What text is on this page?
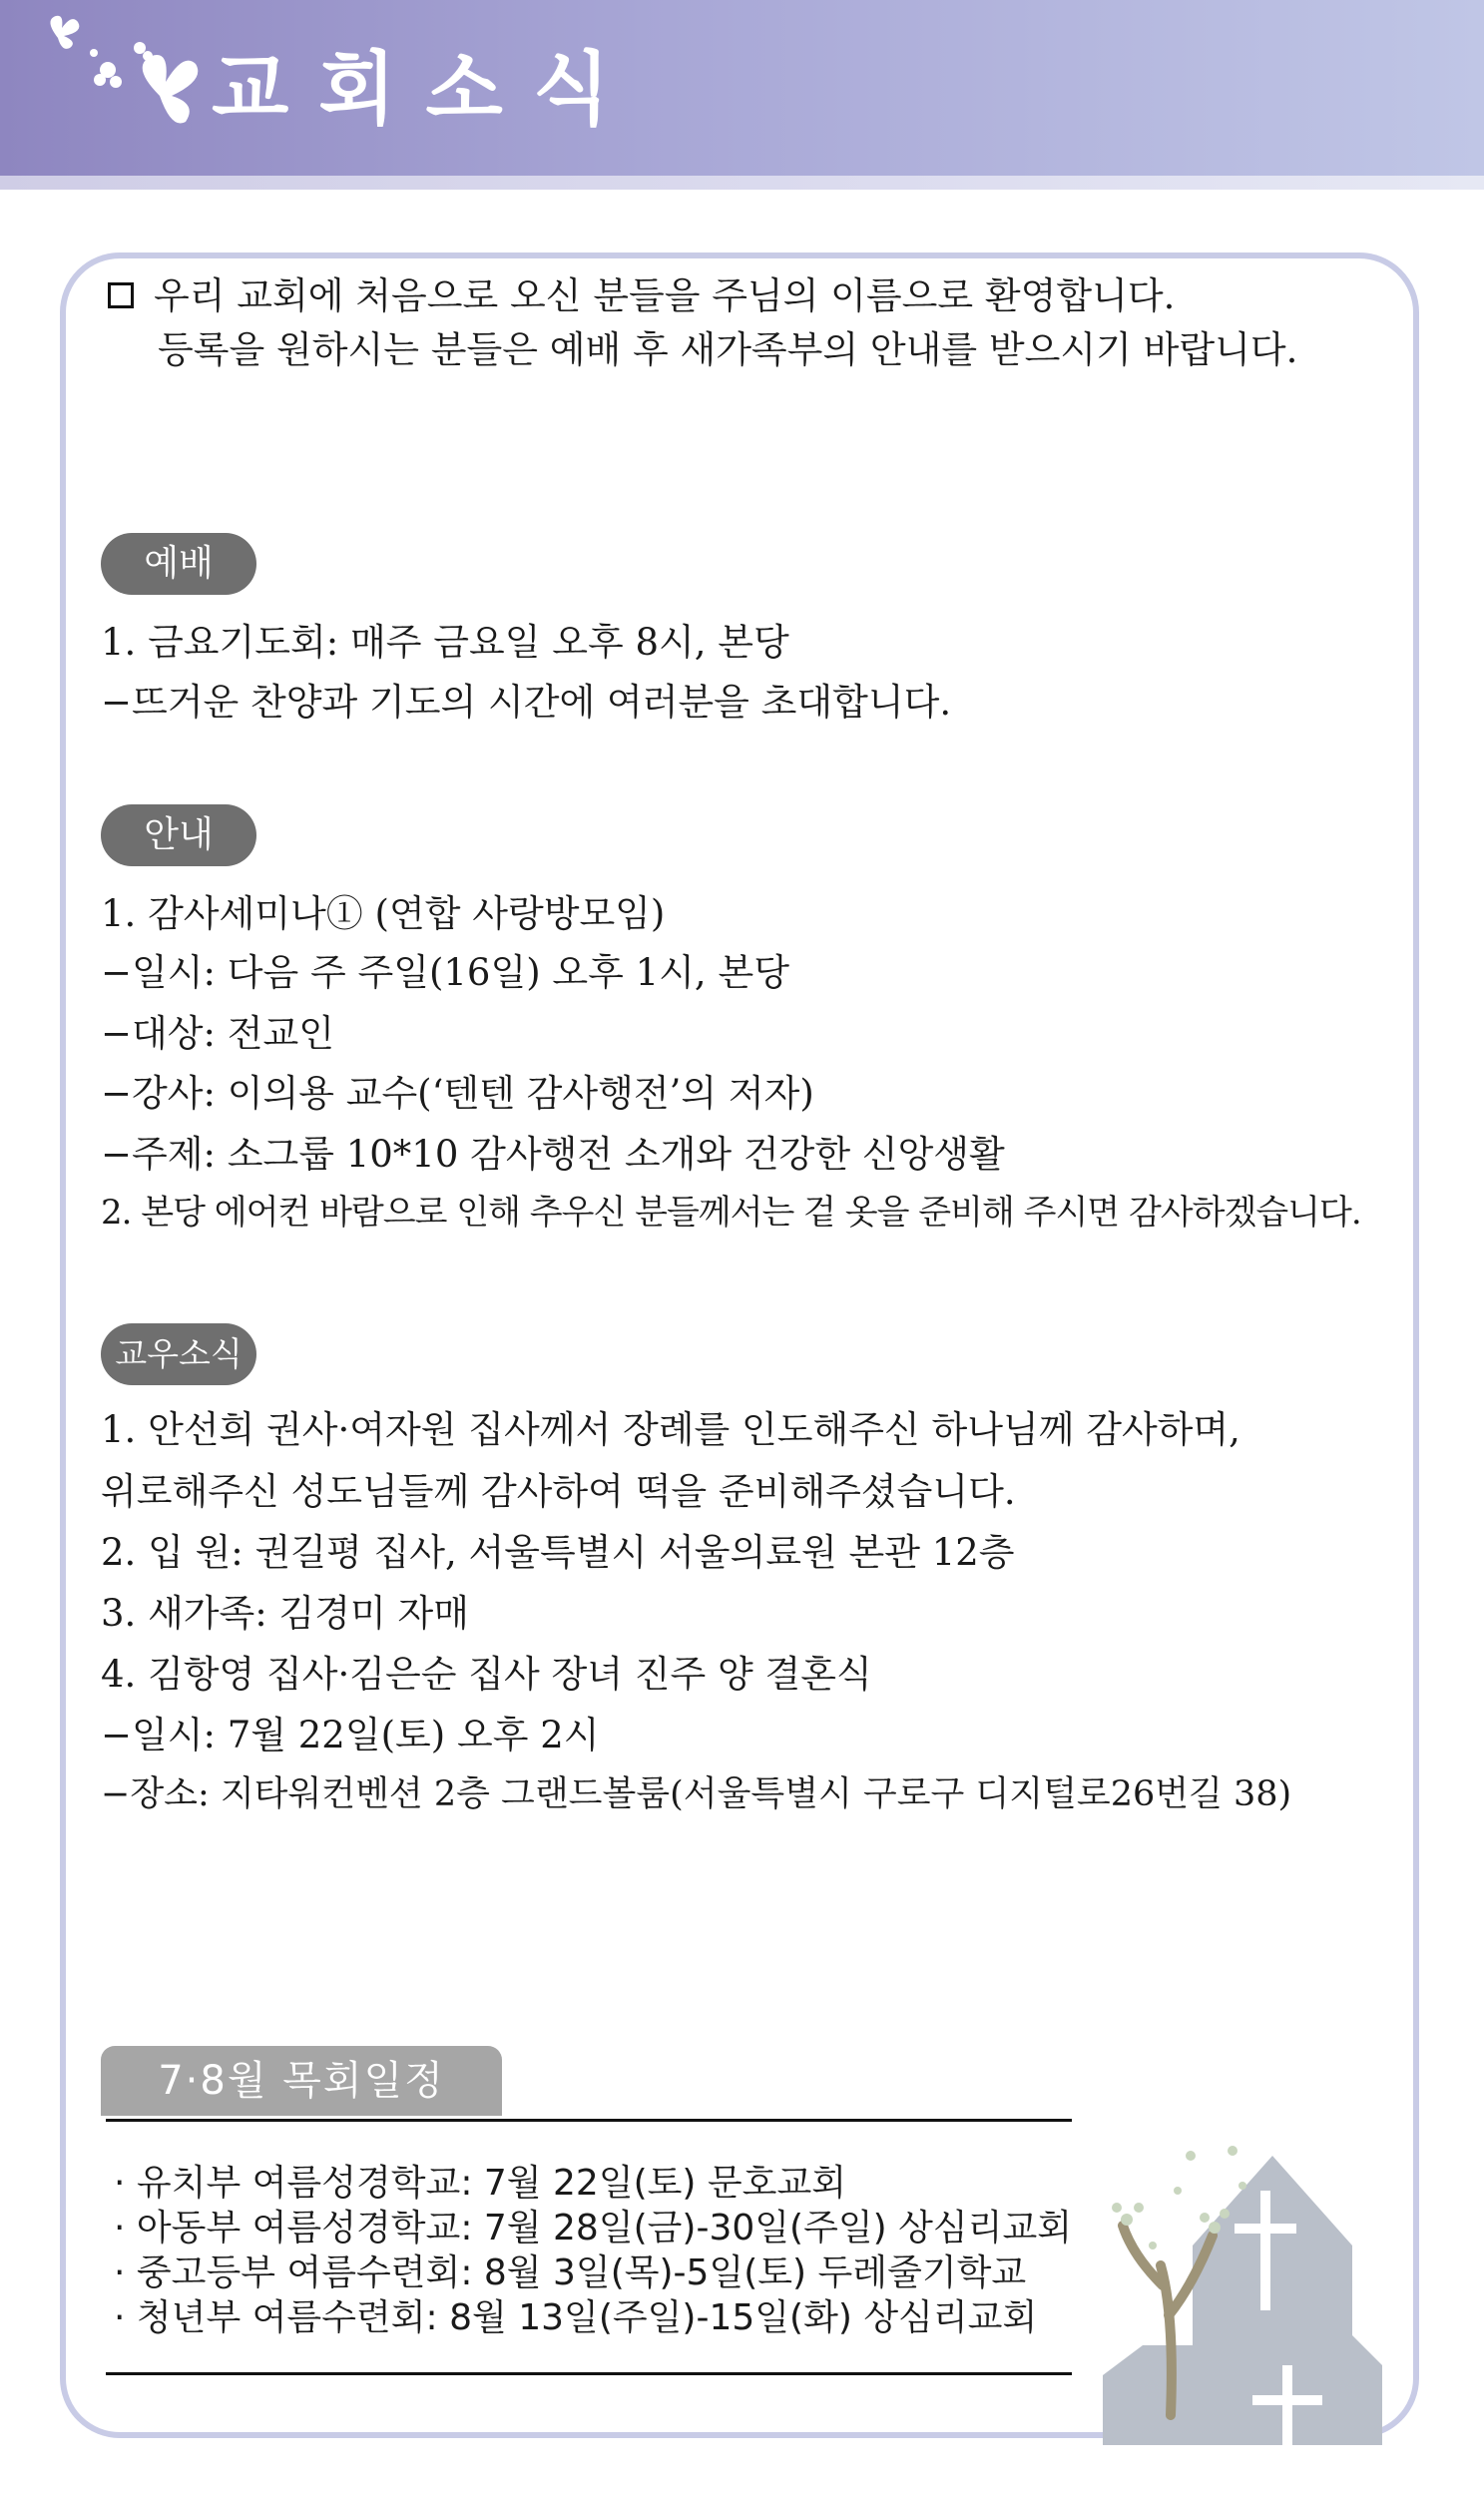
교회소식
우리 교회에 처음으로 오신 분들을 주님의 이름으로 환영합니다.
등록을 원하시는 분들은 예배 후 새가족부의 안내를 받으시기 바랍니다.
예배
1. 금요기도회: 매주 금요일 오후 8시, 본당
−뜨거운 찬양과 기도의 시간에 여러분을 초대합니다.
안내
1. 감사세미나① (연합 사랑방모임)
−일시: 다음 주 주일(16일) 오후 1시, 본당
−대상: 전교인
−강사: 이의용 교수(‘텐텐 감사행전’의 저자)
−주제: 소그룹 10*10 감사행전 소개와 건강한 신앙생활
2. 본당 에어컨 바람으로 인해 추우신 분들께서는 겉 옷을 준비해 주시면 감사하겠습니다.
교우소식
1. 안선희 권사·여자원 집사께서 장례를 인도해주신 하나님께 감사하며,
위로해주신 성도님들께 감사하여 떡을 준비해주셨습니다.
2. 입 원: 권길평 집사, 서울특별시 서울의료원 본관 12층
3. 새가족: 김경미 자매
4. 김항영 집사·김은순 집사 장녀 진주 양 결혼식
−일시: 7월 22일(토) 오후 2시
−장소: 지타워컨벤션 2층 그랜드볼룸(서울특별시 구로구 디지털로26번길 38)
7·8월 목회일정
· 유치부 여름성경학교: 7월 22일(토) 문호교회
· 아동부 여름성경학교: 7월 28일(금)-30일(주일) 상심리교회
· 중고등부 여름수련회: 8월 3일(목)-5일(토) 두레줄기학교
· 청년부 여름수련회: 8월 13일(주일)-15일(화) 상심리교회
